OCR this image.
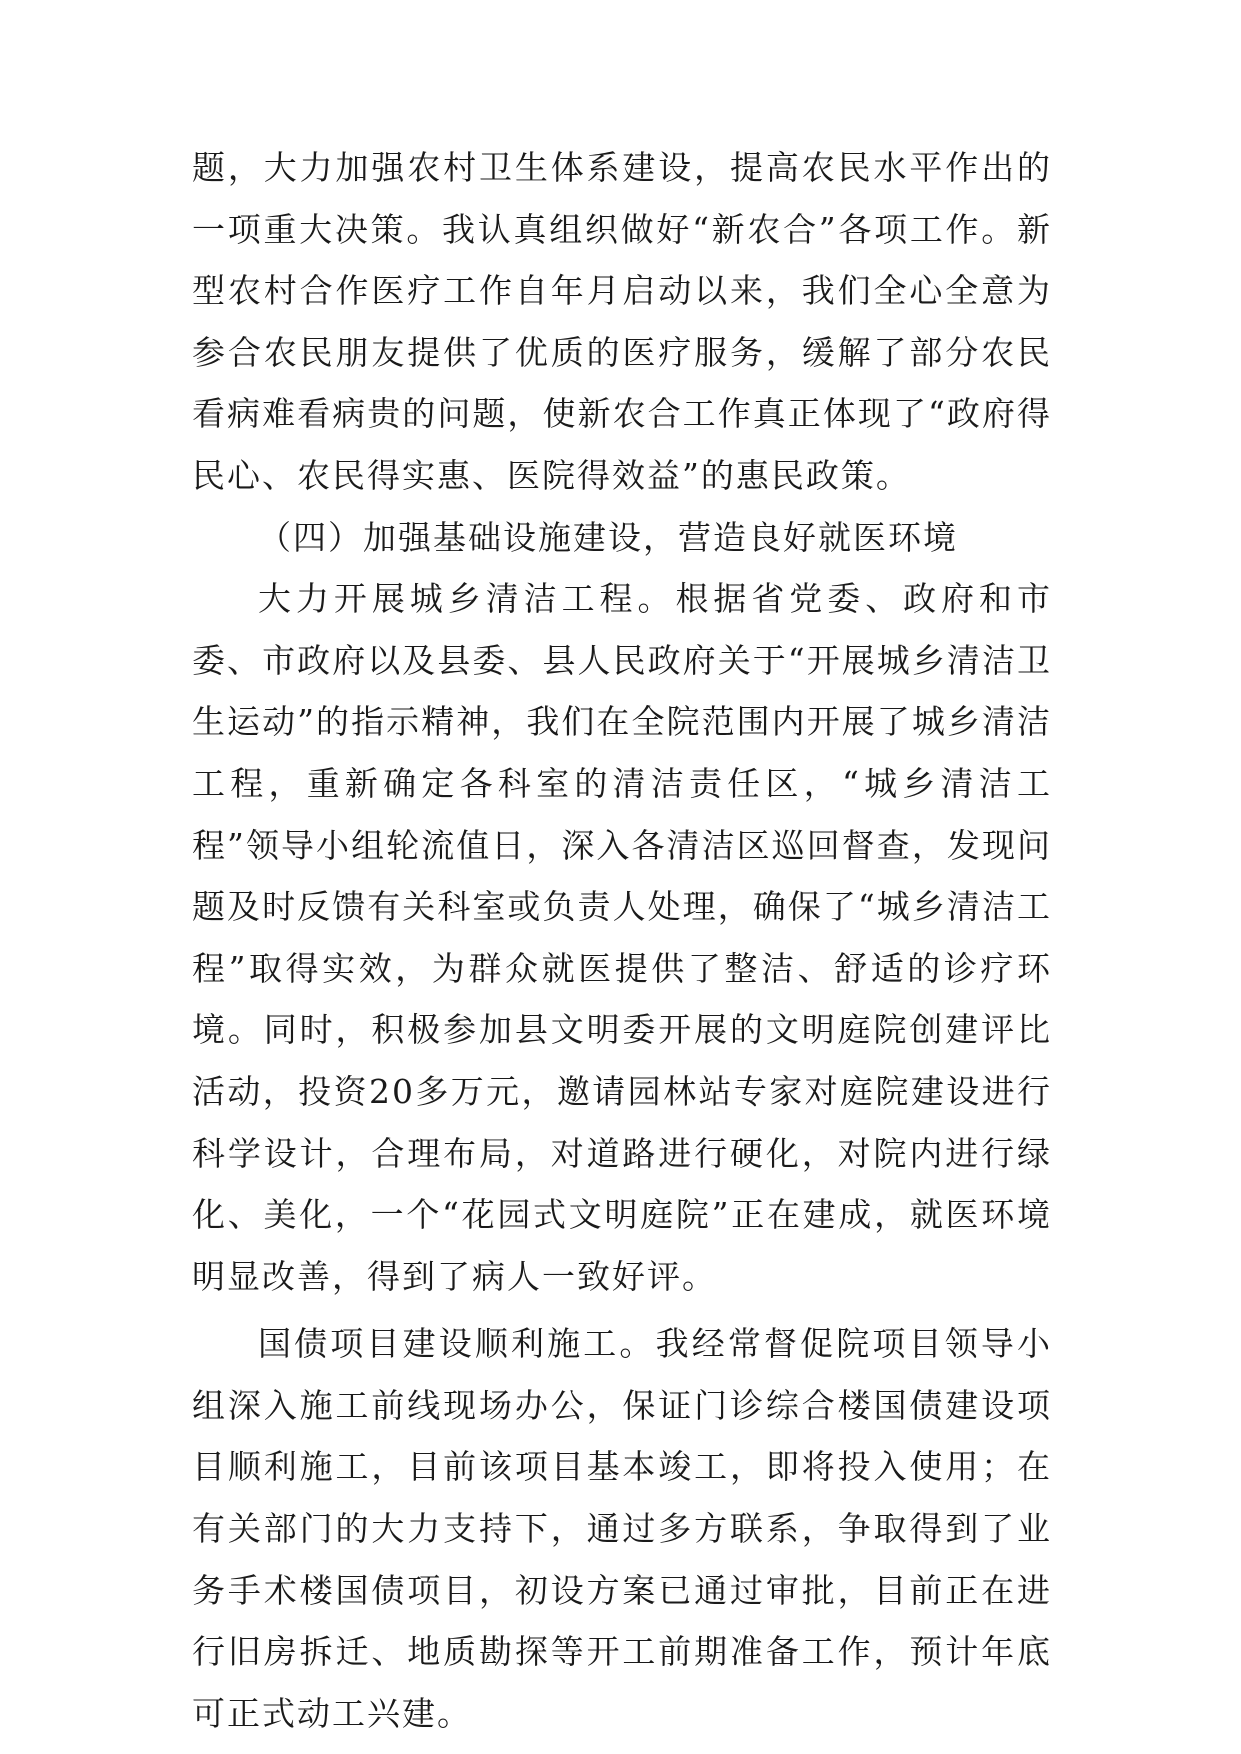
题，大力加强农村卫生体系建设，提高农民水平作出的一项重大决策。我认真组织做好“新农合”各项工作。新型农村合作医疗工作自年月启动以来，我们全心全意为参合农民朋友提供了优质的医疗服务，缓解了部分农民看病难看病贵的问题，使新农合工作真正体现了“政府得民心、农民得实惠、医院得效益”的惠民政策。

（四）加强基础设施建设，营造良好就医环境

大力开展城乡清洁工程。根据省党委、政府和市委、市政府以及县委、县人民政府关于“开展城乡清洁卫生运动”的指示精神，我们在全院范围内开展了城乡清洁工程，重新确定各科室的清洁责任区，“城乡清洁工程”领导小组轮流值日，深入各清洁区巡回督查，发现问题及时反馈有关科室或负责人处理，确保了“城乡清洁工程”取得实效，为群众就医提供了整洁、舒适的诊疗环境。同时，积极参加县文明委开展的文明庭院创建评比活动，投资20多万元，邀请园林站专家对庭院建设进行科学设计，合理布局，对道路进行硬化，对院内进行绿化、美化，一个“花园式文明庭院”正在建成，就医环境明显改善，得到了病人一致好评。

国债项目建设顺利施工。我经常督促院项目领导小组深入施工前线现场办公，保证门诊综合楼国债建设项目顺利施工，目前该项目基本竣工，即将投入使用；在有关部门的大力支持下，通过多方联系，争取得到了业务手术楼国债项目，初设方案已通过审批，目前正在进行旧房拆迁、地质勘探等开工前期准备工作，预计年底可正式动工兴建。
